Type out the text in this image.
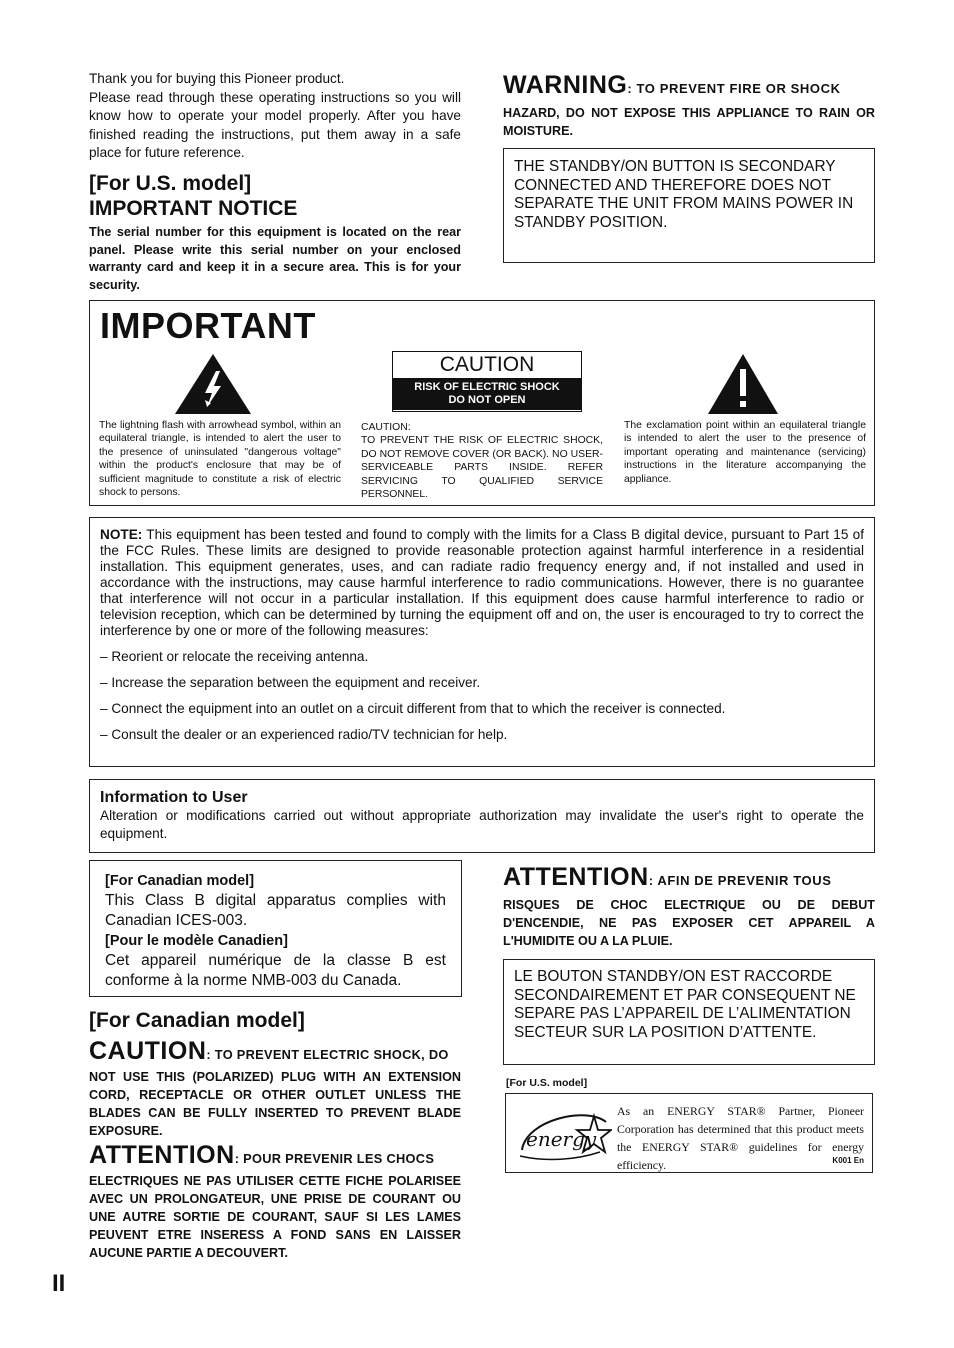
Thank you for buying this Pioneer product.
Please read through these operating instructions so you will know how to operate your model properly. After you have finished reading the instructions, put them away in a safe place for future reference.
[For U.S. model]
IMPORTANT NOTICE
The serial number for this equipment is located on the rear panel. Please write this serial number on your enclosed warranty card and keep it in a secure area. This is for your security.
WARNING: TO PREVENT FIRE OR SHOCK
HAZARD, DO NOT EXPOSE THIS APPLIANCE TO RAIN OR MOISTURE.
THE STANDBY/ON BUTTON IS SECONDARY CONNECTED AND THEREFORE DOES NOT SEPARATE THE UNIT FROM MAINS POWER IN STANDBY POSITION.
IMPORTANT
The lightning flash with arrowhead symbol, within an equilateral triangle, is intended to alert the user to the presence of uninsulated "dangerous voltage" within the product's enclosure that may be of sufficient magnitude to constitute a risk of electric shock to persons.
CAUTION
RISK OF ELECTRIC SHOCK
DO NOT OPEN
CAUTION:
TO PREVENT THE RISK OF ELECTRIC SHOCK, DO NOT REMOVE COVER (OR BACK). NO USER-SERVICEABLE PARTS INSIDE. REFER SERVICING TO QUALIFIED SERVICE PERSONNEL.
The exclamation point within an equilateral triangle is intended to alert the user to the presence of important operating and maintenance (servicing) instructions in the literature accompanying the appliance.
NOTE: This equipment has been tested and found to comply with the limits for a Class B digital device, pursuant to Part 15 of the FCC Rules. These limits are designed to provide reasonable protection against harmful interference in a residential installation. This equipment generates, uses, and can radiate radio frequency energy and, if not installed and used in accordance with the instructions, may cause harmful interference to radio communications. However, there is no guarantee that interference will not occur in a particular installation. If this equipment does cause harmful interference to radio or television reception, which can be determined by turning the equipment off and on, the user is encouraged to try to correct the interference by one or more of the following measures:
– Reorient or relocate the receiving antenna.
– Increase the separation between the equipment and receiver.
– Connect the equipment into an outlet on a circuit different from that to which the receiver is connected.
– Consult the dealer or an experienced radio/TV technician for help.
Information to User
Alteration or modifications carried out without appropriate authorization may invalidate the user's right to operate the equipment.
[For Canadian model]
This Class B digital apparatus complies with Canadian ICES-003.
[Pour le modèle Canadien]
Cet appareil numérique de la classe B est conforme à la norme NMB-003 du Canada.
[For Canadian model]
CAUTION: TO PREVENT ELECTRIC SHOCK, DO
NOT USE THIS (POLARIZED) PLUG WITH AN EXTENSION CORD, RECEPTACLE OR OTHER OUTLET UNLESS THE BLADES CAN BE FULLY INSERTED TO PREVENT BLADE EXPOSURE.
ATTENTION: POUR PREVENIR LES CHOCS
ELECTRIQUES NE PAS UTILISER CETTE FICHE POLARISEE AVEC UN PROLONGATEUR, UNE PRISE DE COURANT OU UNE AUTRE SORTIE DE COURANT, SAUF SI LES LAMES PEUVENT ETRE INSERESS A FOND SANS EN LAISSER AUCUNE PARTIE A DECOUVERT.
ATTENTION: AFIN DE PREVENIR TOUS
RISQUES DE CHOC ELECTRIQUE OU DE DEBUT D'ENCENDIE, NE PAS EXPOSER CET APPAREIL A L'HUMIDITE OU A LA PLUIE.
LE BOUTON STANDBY/ON EST RACCORDE SECONDAIREMENT ET PAR CONSEQUENT NE SEPARE PAS L’APPAREIL DE L’ALIMENTATION SECTEUR SUR LA POSITION D’ATTENTE.
[For U.S. model]
energy
As an ENERGY STAR® Partner, Pioneer Corporation has determined that this product meets the ENERGY STAR® guidelines for energy efficiency.	K001 En
II
